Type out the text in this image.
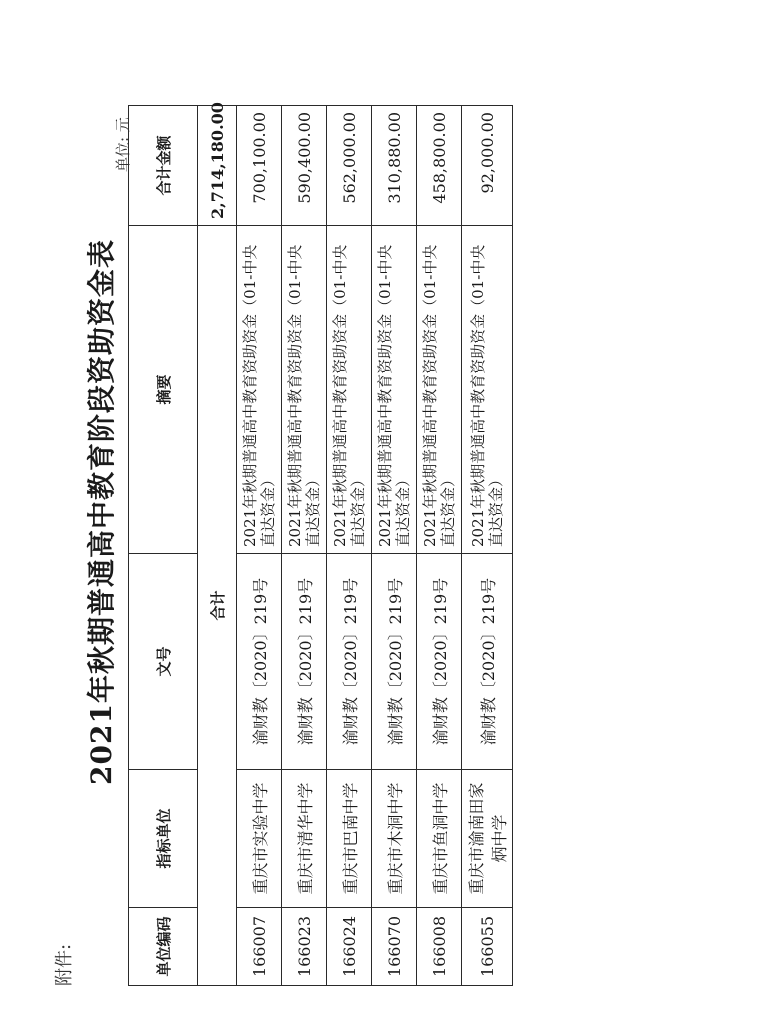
附件:
2021年秋期普通高中教育阶段资助资金表
单位: 元
单位编码	指标单位	文号	摘要	合计金额
合计				2,714,180.00
166007	重庆市实验中学	渝财教〔2020〕219号	2021年秋期普通高中教育资助资金（01-中央直达资金）	700,100.00
166023	重庆市清华中学	渝财教〔2020〕219号	2021年秋期普通高中教育资助资金（01-中央直达资金）	590,400.00
166024	重庆市巴南中学	渝财教〔2020〕219号	2021年秋期普通高中教育资助资金（01-中央直达资金）	562,000.00
166070	重庆市木洞中学	渝财教〔2020〕219号	2021年秋期普通高中教育资助资金（01-中央直达资金）	310,880.00
166008	重庆市鱼洞中学	渝财教〔2020〕219号	2021年秋期普通高中教育资助资金（01-中央直达资金）	458,800.00
166055	重庆市渝南田家炳中学	渝财教〔2020〕219号	2021年秋期普通高中教育资助资金（01-中央直达资金）	92,000.00
